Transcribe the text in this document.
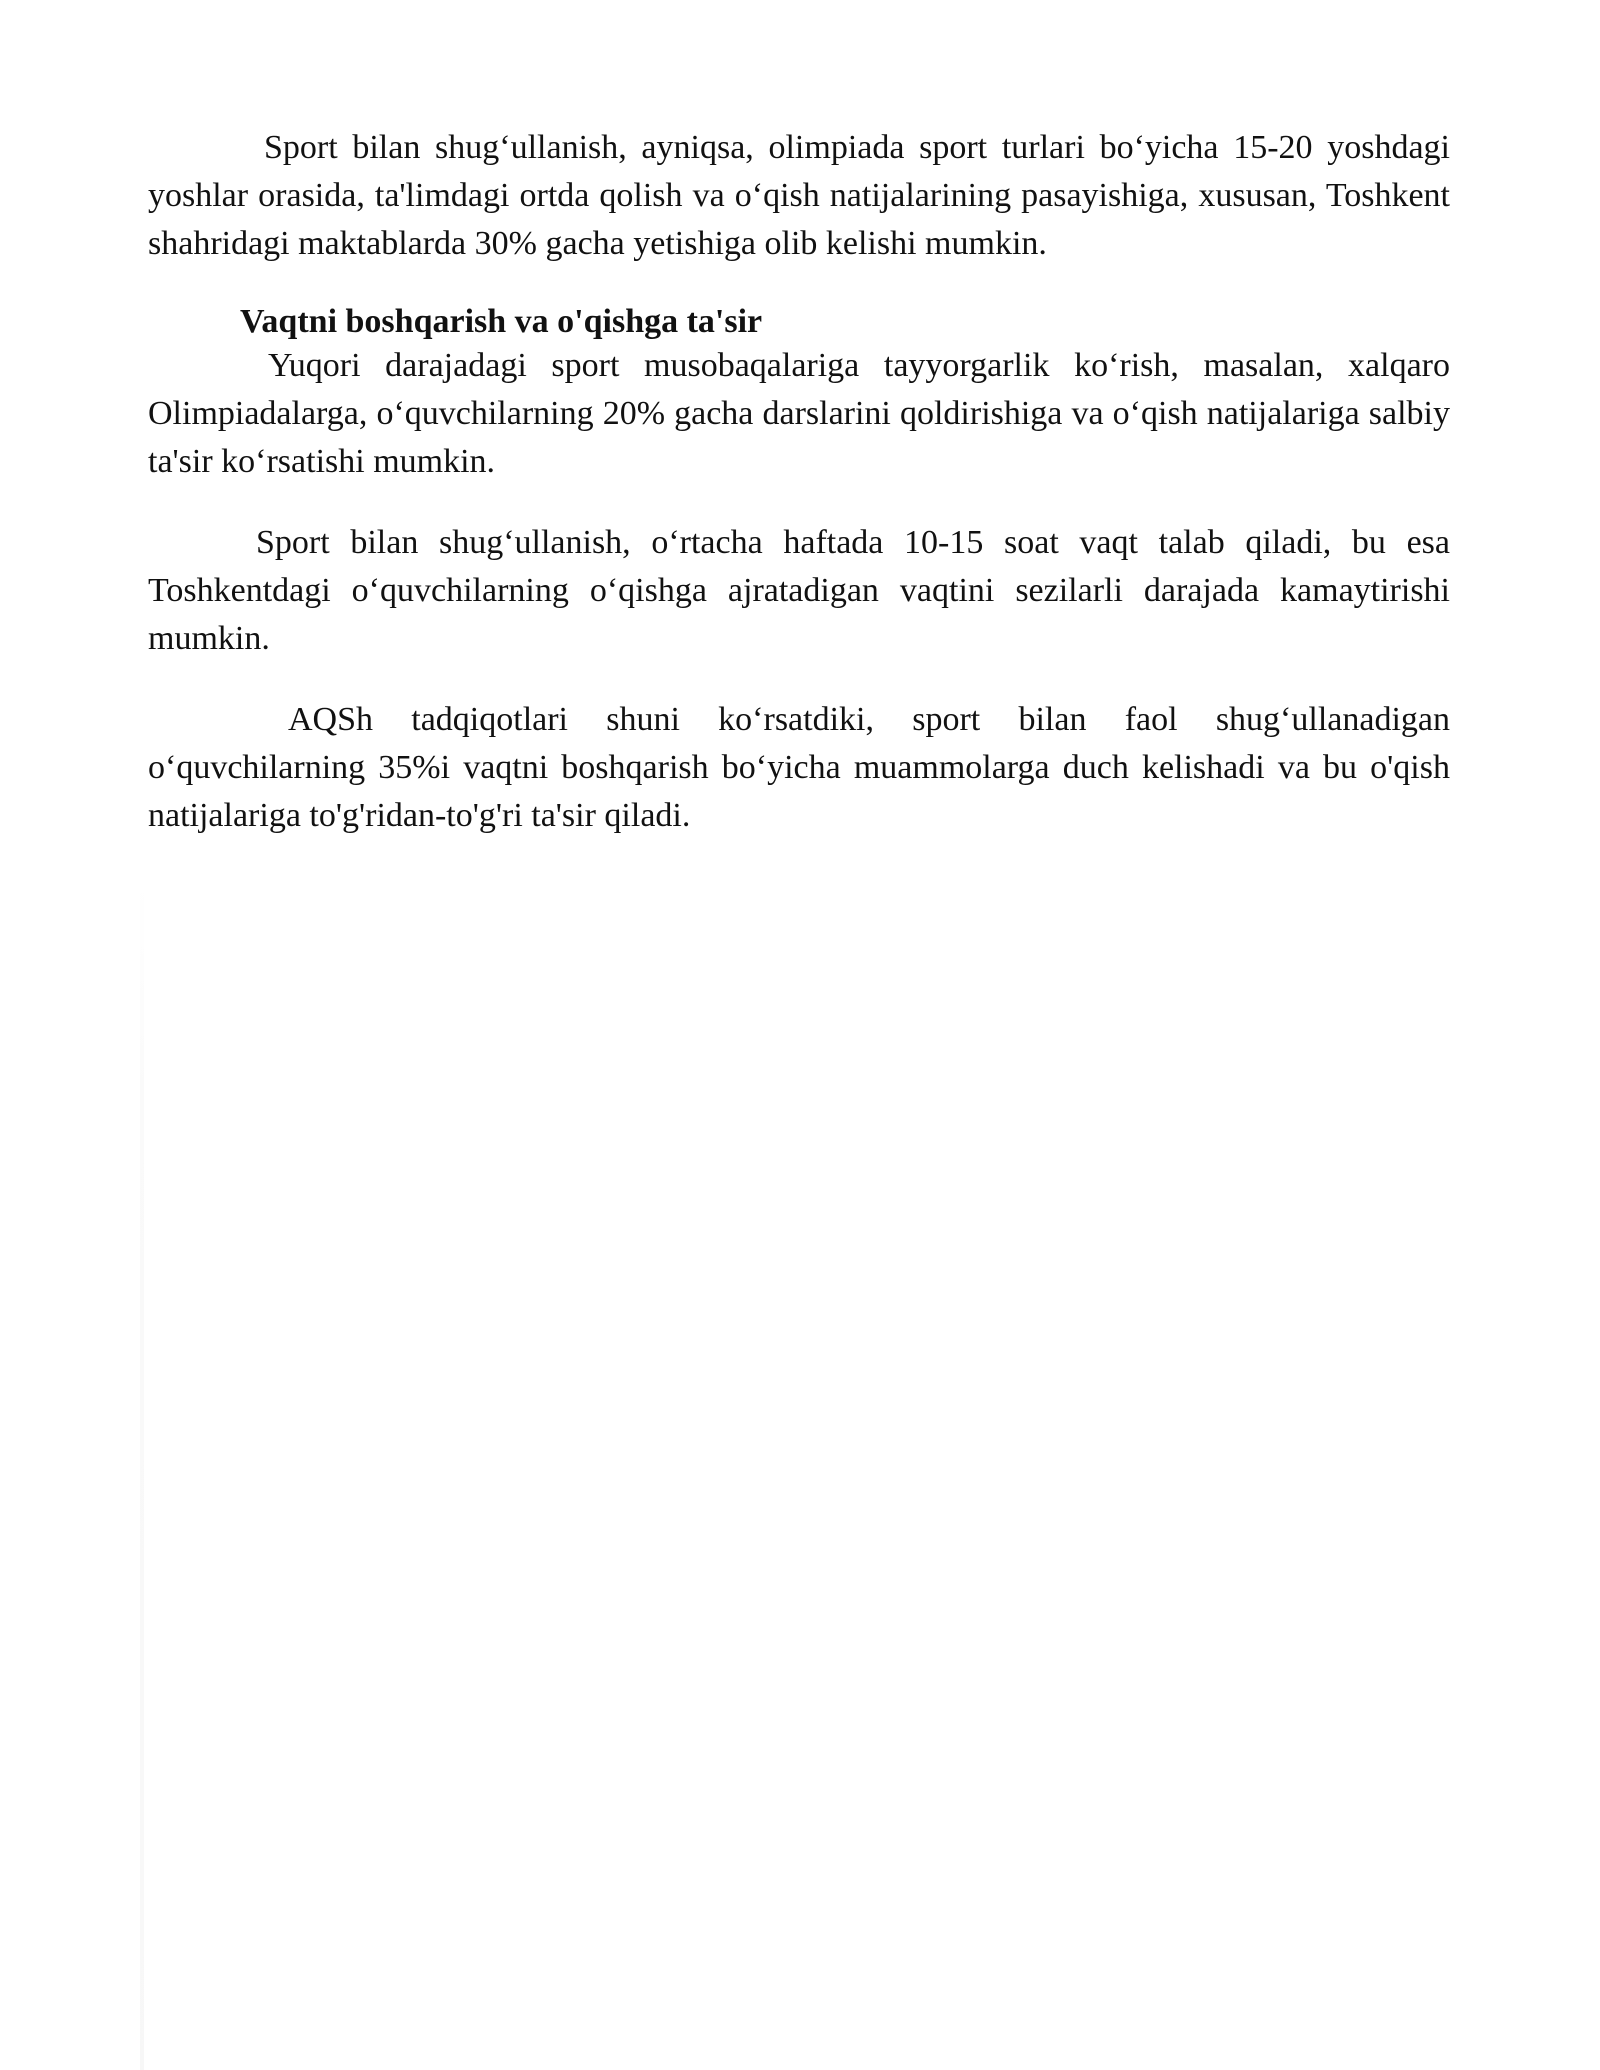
Sport bilan shug‘ullanish, ayniqsa, olimpiada sport turlari bo‘yicha 15-20 yoshdagi yoshlar orasida, ta'limdagi ortda qolish va o‘qish natijalarining pasayishiga, xususan, Toshkent shahridagi maktablarda 30% gacha yetishiga olib kelishi mumkin.

Vaqtni boshqarish va o'qishga ta'sir

Yuqori darajadagi sport musobaqalariga tayyorgarlik ko‘rish, masalan, xalqaro Olimpiadalarga, o‘quvchilarning 20% gacha darslarini qoldirishiga va o‘qish natijalariga salbiy ta'sir ko‘rsatishi mumkin.

Sport bilan shug‘ullanish, o‘rtacha haftada 10-15 soat vaqt talab qiladi, bu esa Toshkentdagi o‘quvchilarning o‘qishga ajratadigan vaqtini sezilarli darajada kamaytirishi mumkin.

AQSh tadqiqotlari shuni ko‘rsatdiki, sport bilan faol shug‘ullanadigan o‘quvchilarning 35%i vaqtni boshqarish bo‘yicha muammolarga duch kelishadi va bu o'qish natijalariga to'g'ridan-to'g'ri ta'sir qiladi.
